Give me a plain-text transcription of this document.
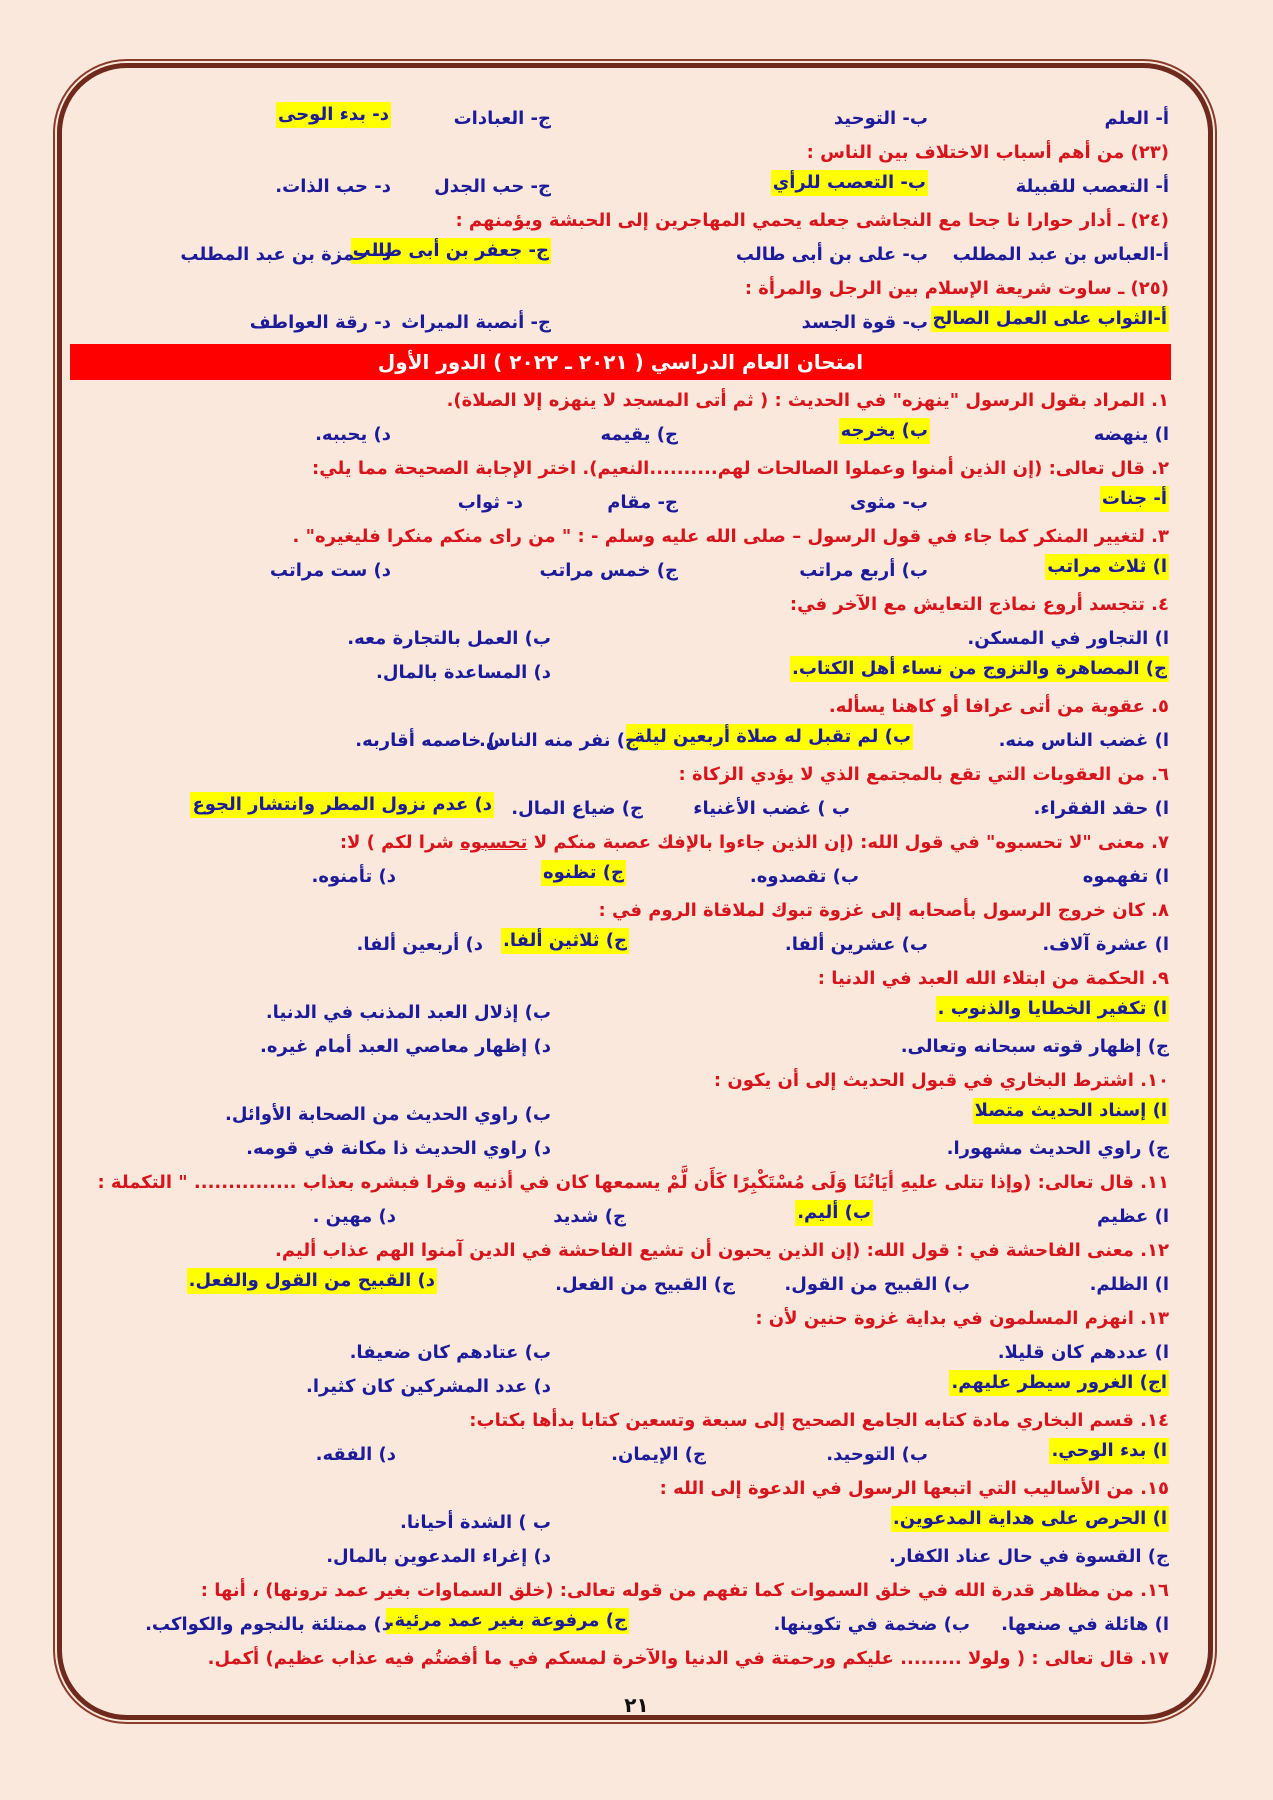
أ- العلم
ب- التوحيد
ج- العبادات
د- بدء الوحى
(٢٣) من أهم أسباب الاختلاف بين الناس :
أ- التعصب للقبيلة
ب- التعصب للرأي
ج- حب الجدل
د- حب الذات.
(٢٤) ـ أدار حوارا نا جحا مع النجاشى جعله يحمي المهاجرين إلى الحبشة ويؤمنهم :
أ-العباس بن عبد المطلب
ب- على بن أبى طالب
ج- جعفر بن أبى طالب
د- حمزة بن عبد المطلب
(٢٥) ـ ساوت شريعة الإسلام بين الرجل والمرأة :
أ-الثواب على العمل الصالح
ب- قوة الجسد
ج- أنصبة الميراث
د- رقة العواطف
امتحان العام الدراسي ( ٢٠٢١ ـ ٢٠٢٢ ) الدور الأول
١. المراد بقول الرسول "ينهزه" في الحديث : ( ثم أتى المسجد لا ينهزه إلا الصلاة).
ا) ينهضه
ب) يخرجه
ج) يقيمه
د) يحببه.
٢. قال تعالى: (إن الذين أمنوا وعملوا الصالحات لهم..........النعيم). اختر الإجابة الصحيحة مما يلي:
أ- جنات
ب- مثوى
ج- مقام
د- ثواب
٣. لتغيير المنكر كما جاء في قول الرسول – صلى الله عليه وسلم - : " من راى منكم منكرا فليغيره" .
ا) ثلاث مراتب
ب) أربع مراتب
ج) خمس مراتب
د) ست مراتب
٤. تتجسد أروع نماذج التعايش مع الآخر في:
ا) التجاور في المسكن.
ب) العمل بالتجارة معه.
ج) المصاهرة والتزوج من نساء أهل الكتاب.
د) المساعدة بالمال.
٥. عقوبة من أتى عرافا أو كاهنا يسأله.
ا) غضب الناس منه.
ب) لم تقبل له صلاة أربعين ليلة.
ج) نفر منه الناس.
د) خاصمه أقاربه.
٦. من العقوبات التي تقع بالمجتمع الذي لا يؤدي الزكاة :
ا) حقد الفقراء.
ب ) غضب الأغنياء
ج) ضياع المال.
د) عدم نزول المطر وانتشار الجوع
٧. معنى "لا تحسبوه" في قول الله: (إن الذين جاءوا بالإفك عصبة منكم لا تحسبوه شرا لكم ) لا:
ا) تفهموه
ب) تقصدوه.
ج) تظنوه
د) تأمنوه.
٨. كان خروج الرسول بأصحابه إلى غزوة تبوك لملاقاة الروم في :
ا) عشرة آلاف.
ب) عشرين ألفا.
ج) ثلاثين ألفا.
د) أربعين ألفا.
٩. الحكمة من ابتلاء الله العبد في الدنيا :
ا) تكفير الخطايا والذنوب .
ب) إذلال العبد المذنب في الدنيا.
ج) إظهار قوته سبحانه وتعالى.
د) إظهار معاصي العبد أمام غيره.
١٠. اشترط البخاري في قبول الحديث إلى أن يكون :
ا) إسناد الحديث متصلا
ب) راوي الحديث من الصحابة الأوائل.
ج) راوي الحديث مشهورا.
د) راوي الحديث ذا مكانة في قومه.
١١. قال تعالى: (وإذا تتلى عليهِ أيَاتُنَا وَلَى مُسْتَكْبِرًا كَأَن لَّمْ يسمعها كان في أذنيه وقرا فبشره بعذاب ............... " التكملة :
ا) عظيم
ب) أليم.
ج) شديد
د) مهين .
١٢. معنى الفاحشة في : قول الله: (إن الذين يحبون أن تشيع الفاحشة في الدين آمنوا الهم عذاب أليم.
ا) الظلم.
ب) القبيح من القول.
ج) القبيح من الفعل.
د) القبيح من القول والفعل.
١٣. انهزم المسلمون في بداية غزوة حنين لأن :
ا) عددهم كان قليلا.
ب) عتادهم كان ضعيفا.
اج) الغرور سيطر عليهم.
د) عدد المشركين كان كثيرا.
١٤. قسم البخاري مادة كتابه الجامع الصحيح إلى سبعة وتسعين كتابا بدأها بكتاب:
ا) بدء الوحي.
ب) التوحيد.
ج) الإيمان.
د) الفقه.
١٥. من الأساليب التي اتبعها الرسول في الدعوة إلى الله :
ا) الحرص على هداية المدعوين.
ب ) الشدة أحيانا.
ج) القسوة في حال عناد الكفار.
د) إغراء المدعوين بالمال.
١٦. من مظاهر قدرة الله في خلق السموات كما تفهم من قوله تعالى: (خلق السماوات بغير عمد ترونها) ، أنها :
ا) هائلة في صنعها.
ب) ضخمة في تكوينها.
ج) مرفوعة بغير عمد مرئية.
د) ممتلئة بالنجوم والكواكب.
١٧. قال تعالى : ( ولولا ......... عليكم ورحمتة في الدنيا والآخرة لمسكم في ما أفضتُم فيه عذاب عظيم) أكمل.
٢١
